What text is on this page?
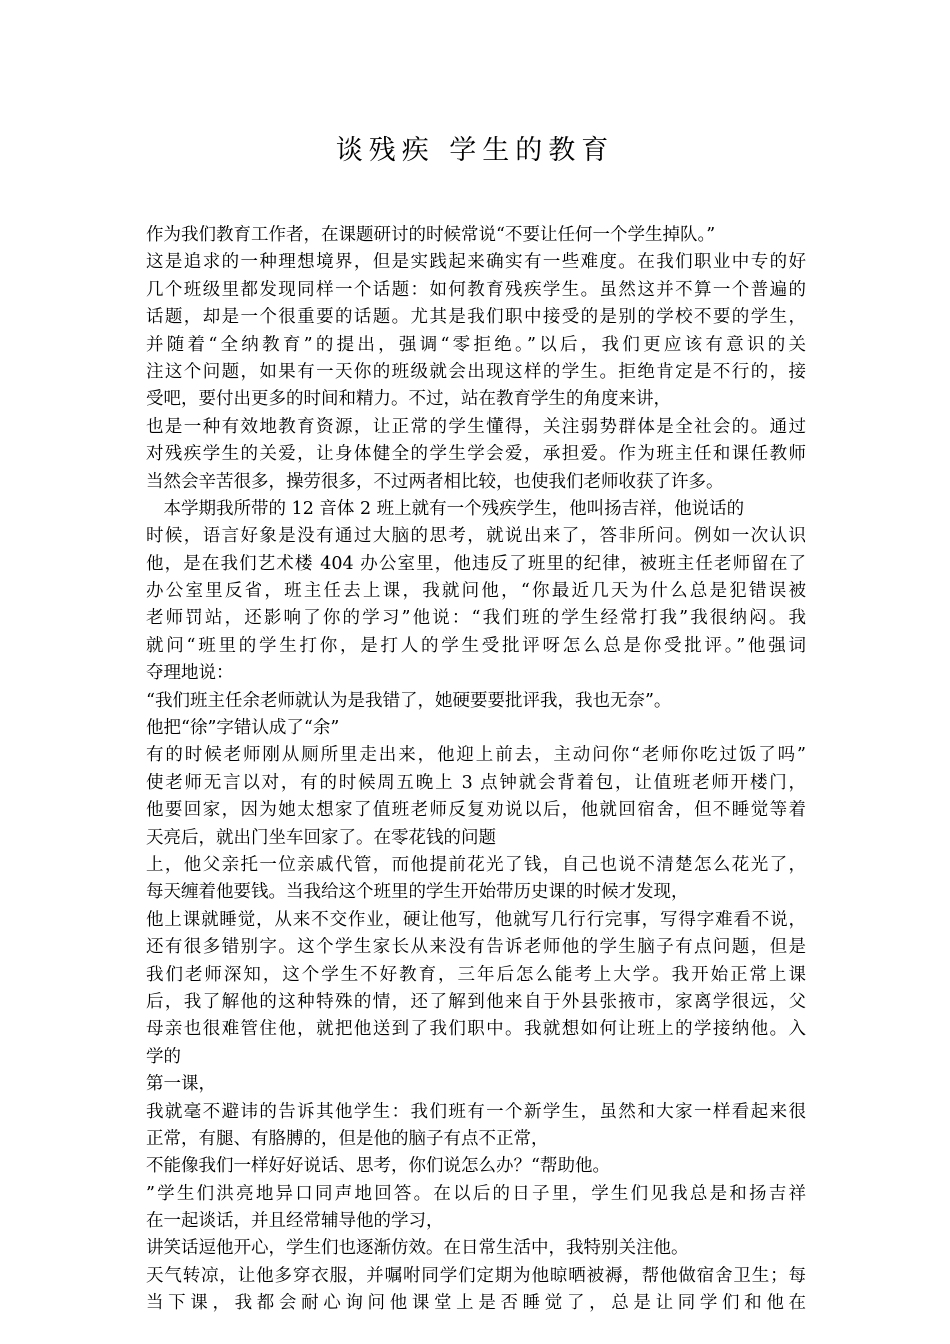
谈残疾 学生的教育
作为我们教育工作者，在课题研讨的时候常说“不要让任何一个学生掉队。”
这是追求的一种理想境界，但是实践起来确实有一些难度。在我们职业中专的好
几个班级里都发现同样一个话题：如何教育残疾学生。虽然这并不算一个普遍的
话题，却是一个很重要的话题。尤其是我们职中接受的是别的学校不要的学生，
并随着“全纳教育”的提出，强调“零拒绝。”以后，我们更应该有意识的关
注这个问题，如果有一天你的班级就会出现这样的学生。拒绝肯定是不行的，接
受吧，要付出更多的时间和精力。不过，站在教育学生的角度来讲，
也是一种有效地教育资源，让正常的学生懂得，关注弱势群体是全社会的。通过
对残疾学生的关爱，让身体健全的学生学会爱，承担爱。作为班主任和课任教师
当然会辛苦很多，操劳很多，不过两者相比较，也使我们老师收获了许多。
　本学期我所带的 12 音体 2 班上就有一个残疾学生，他叫扬吉祥，他说话的
时候，语言好象是没有通过大脑的思考，就说出来了，答非所问。例如一次认识
他，是在我们艺术楼 404 办公室里，他违反了班里的纪律，被班主任老师留在了
办公室里反省，班主任去上课，我就问他，“你最近几天为什么总是犯错误被
老师罚站，还影响了你的学习”他说：“我们班的学生经常打我”我很纳闷。我
就问“班里的学生打你，是打人的学生受批评呀怎么总是你受批评。”他强词
夺理地说：
“我们班主任余老师就认为是我错了，她硬要要批评我，我也无奈”。
他把“徐”字错认成了“余”
有的时候老师刚从厕所里走出来，他迎上前去，主动问你“老师你吃过饭了吗”
使老师无言以对，有的时候周五晚上 3 点钟就会背着包，让值班老师开楼门，
他要回家，因为她太想家了值班老师反复劝说以后，他就回宿舍，但不睡觉等着
天亮后，就出门坐车回家了。在零花钱的问题
上，他父亲托一位亲戚代管，而他提前花光了钱，自己也说不清楚怎么花光了，
每天缠着他要钱。当我给这个班里的学生开始带历史课的时候才发现，
他上课就睡觉，从来不交作业，硬让他写，他就写几行行完事，写得字难看不说，
还有很多错别字。这个学生家长从来没有告诉老师他的学生脑子有点问题，但是
我们老师深知，这个学生不好教育，三年后怎么能考上大学。我开始正常上课
后，我了解他的这种特殊的情，还了解到他来自于外县张掖市，家离学很远，父
母亲也很难管住他，就把他送到了我们职中。我就想如何让班上的学接纳他。入
学的
第一课，
我就毫不避讳的告诉其他学生：我们班有一个新学生，虽然和大家一样看起来很
正常，有腿、有胳膊的，但是他的脑子有点不正常，
不能像我们一样好好说话、思考，你们说怎么办？“帮助他。
”学生们洪亮地异口同声地回答。在以后的日子里，学生们见我总是和扬吉祥
在一起谈话，并且经常辅导他的学习，
讲笑话逗他开心，学生们也逐渐仿效。在日常生活中，我特别关注他。
天气转凉，让他多穿衣服，并嘱咐同学们定期为他晾晒被褥，帮他做宿舍卫生；每
当下课，我都会耐心询问他课堂上是否睡觉了，总是让同学们和他在
